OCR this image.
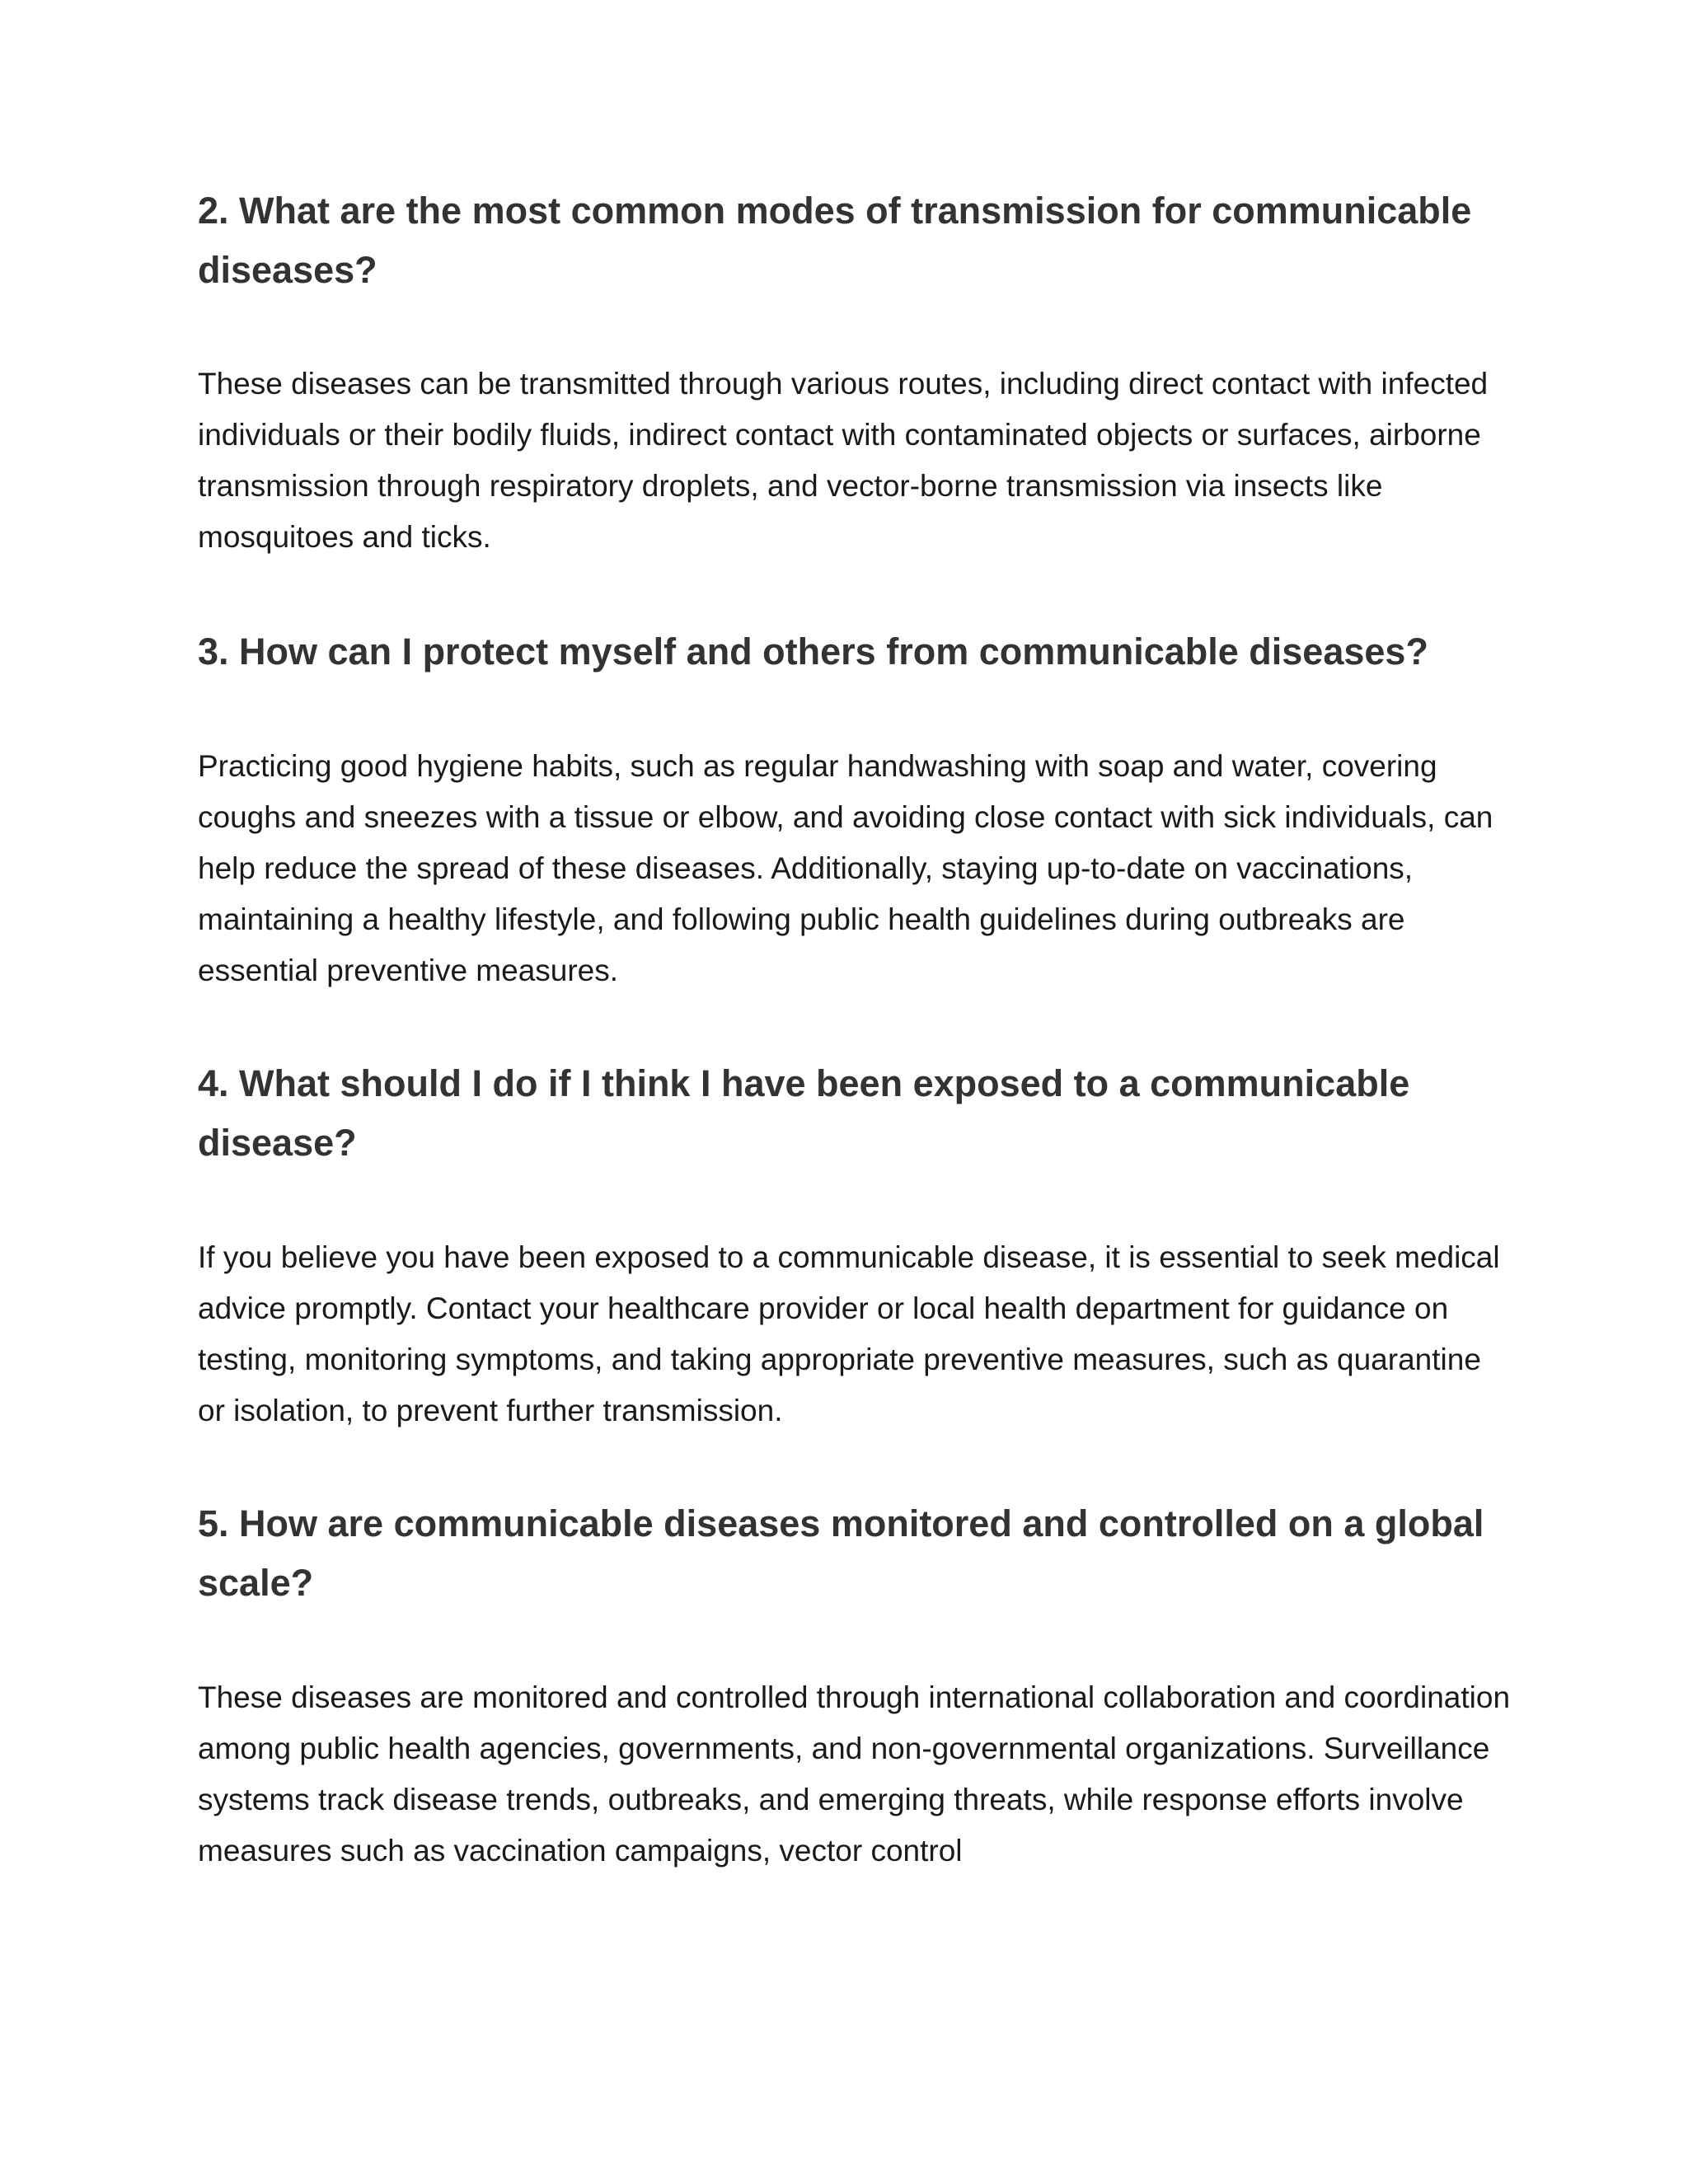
2. What are the most common modes of transmission for communicable diseases?

These diseases can be transmitted through various routes, including direct contact with infected individuals or their bodily fluids, indirect contact with contaminated objects or surfaces, airborne transmission through respiratory droplets, and vector-borne transmission via insects like mosquitoes and ticks.

3. How can I protect myself and others from communicable diseases?

Practicing good hygiene habits, such as regular handwashing with soap and water, covering coughs and sneezes with a tissue or elbow, and avoiding close contact with sick individuals, can help reduce the spread of these diseases. Additionally, staying up-to-date on vaccinations, maintaining a healthy lifestyle, and following public health guidelines during outbreaks are essential preventive measures.

4. What should I do if I think I have been exposed to a communicable disease?

If you believe you have been exposed to a communicable disease, it is essential to seek medical advice promptly. Contact your healthcare provider or local health department for guidance on testing, monitoring symptoms, and taking appropriate preventive measures, such as quarantine or isolation, to prevent further transmission.

5. How are communicable diseases monitored and controlled on a global scale?

These diseases are monitored and controlled through international collaboration and coordination among public health agencies, governments, and non-governmental organizations. Surveillance systems track disease trends, outbreaks, and emerging threats, while response efforts involve measures such as vaccination campaigns, vector control
